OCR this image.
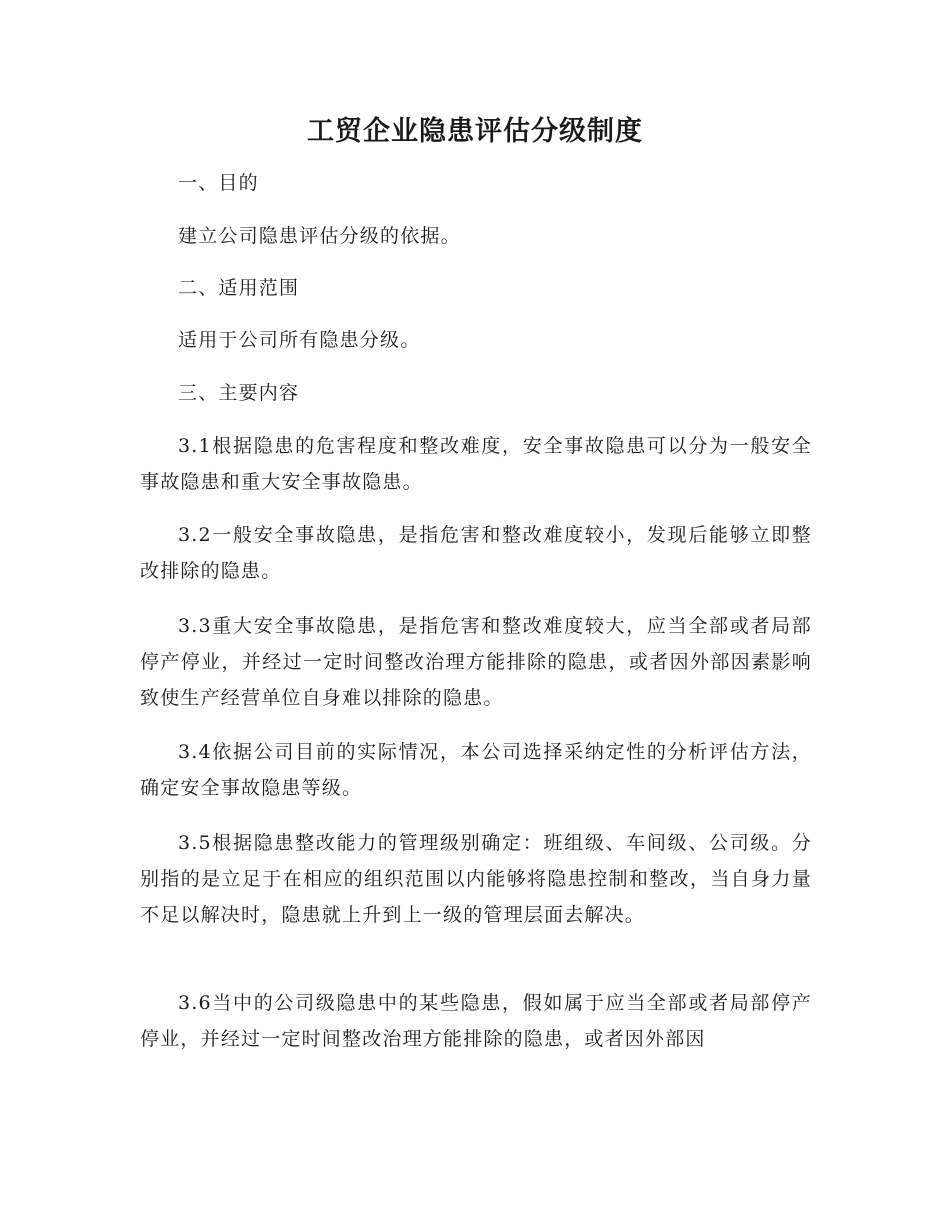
工贸企业隐患评估分级制度

一、目的

建立公司隐患评估分级的依据。

二、适用范围

适用于公司所有隐患分级。

三、主要内容

3.1根据隐患的危害程度和整改难度，安全事故隐患可以分为一般安全事故隐患和重大安全事故隐患。

3.2一般安全事故隐患，是指危害和整改难度较小，发现后能够立即整改排除的隐患。

3.3重大安全事故隐患，是指危害和整改难度较大，应当全部或者局部停产停业，并经过一定时间整改治理方能排除的隐患，或者因外部因素影响致使生产经营单位自身难以排除的隐患。

3.4依据公司目前的实际情况，本公司选择采纳定性的分析评估方法，确定安全事故隐患等级。

3.5根据隐患整改能力的管理级别确定：班组级、车间级、公司级。分别指的是立足于在相应的组织范围以内能够将隐患控制和整改，当自身力量不足以解决时，隐患就上升到上一级的管理层面去解决。

3.6当中的公司级隐患中的某些隐患，假如属于应当全部或者局部停产停业，并经过一定时间整改治理方能排除的隐患，或者因外部因
